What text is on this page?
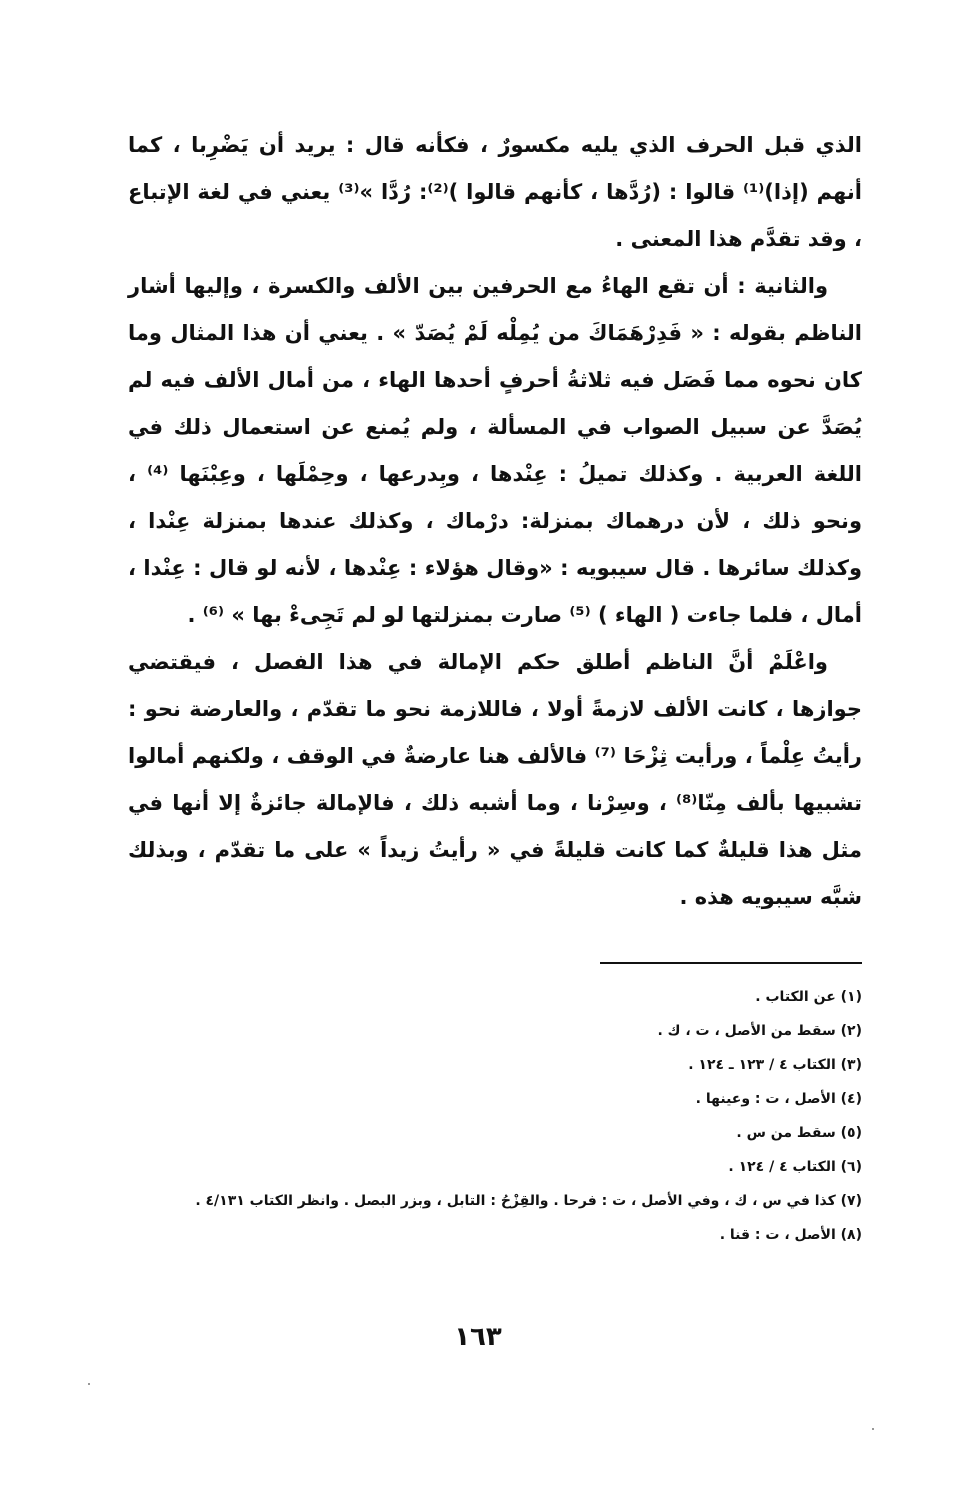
الذي قبل الحرف الذي يليه مكسورٌ ، فكأنه قال : يريد أن يَضْرِبا ، كما أنهم (إذا)⁽¹⁾ قالوا : (رُدَّها ، كأنهم قالوا )⁽²⁾: رُدَّا »⁽³⁾ يعني في لغة الإتباع ، وقد تقدَّم هذا المعنى .

والثانية : أن تقع الهاءُ مع الحرفين بين الألف والكسرة ، وإليها أشار الناظم بقوله : « فَدِرْهَمَاكَ من يُمِلْه لَمْ يُصَدّ » . يعني أن هذا المثال وما كان نحوه مما فَصَل فيه ثلاثةُ أحرفٍ أحدها الهاء ، من أمال الألف فيه لم يُصَدَّ عن سبيل الصواب في المسألة ، ولم يُمنع عن استعمال ذلك في اللغة العربية . وكذلك تميلُ : عِنْدها ، وبِدرعها ، وحِمْلَها ، وعِبْنَها ⁽⁴⁾ ، ونحو ذلك ، لأن درهماك بمنزلة: درْماك ، وكذلك عندها بمنزلة عِنْدا ، وكذلك سائرها . قال سيبويه : «وقال هؤلاء : عِنْدها ، لأنه لو قال : عِنْدا ، أمال ، فلما جاءت ( الهاء ) ⁽⁵⁾ صارت بمنزلتها لو لم تَجِىءْ بها » ⁽⁶⁾ .

واعْلَمْ أنَّ الناظم أطلق حكم الإمالة في هذا الفصل ، فيقتضي جوازها ، كانت الألف لازمةً أولا ، فاللازمة نحو ما تقدّم ، والعارضة نحو : رأيتُ عِلْماً ، ورأيت ثِزْحَا ⁽⁷⁾ فالألف هنا عارضةٌ في الوقف ، ولكنهم أمالوا تشبيها بألف مِنّا⁽⁸⁾ ، وسِرْنا ، وما أشبه ذلك ، فالإمالة جائزةٌ إلا أنها في مثل هذا قليلةٌ كما كانت قليلةً في « رأيتُ زيداً » على ما تقدّم ، وبذلك شبَّه سيبويه هذه .

(١) عن الكتاب .
(٢) سقط من الأصل ، ت ، ك .
(٣) الكتاب ٤ / ١٢٣ ـ ١٢٤ .
(٤) الأصل ، ت : وعينها .
(٥) سقط من س .
(٦) الكتاب ٤ / ١٢٤ .
(٧) كذا في س ، ك ، وفي الأصل ، ت : فرحا . والقِزْحُ : التابل ، وبزر البصل . وانظر الكتاب ٤/١٣١ .
(٨) الأصل ، ت : قنا .
١٦٣
